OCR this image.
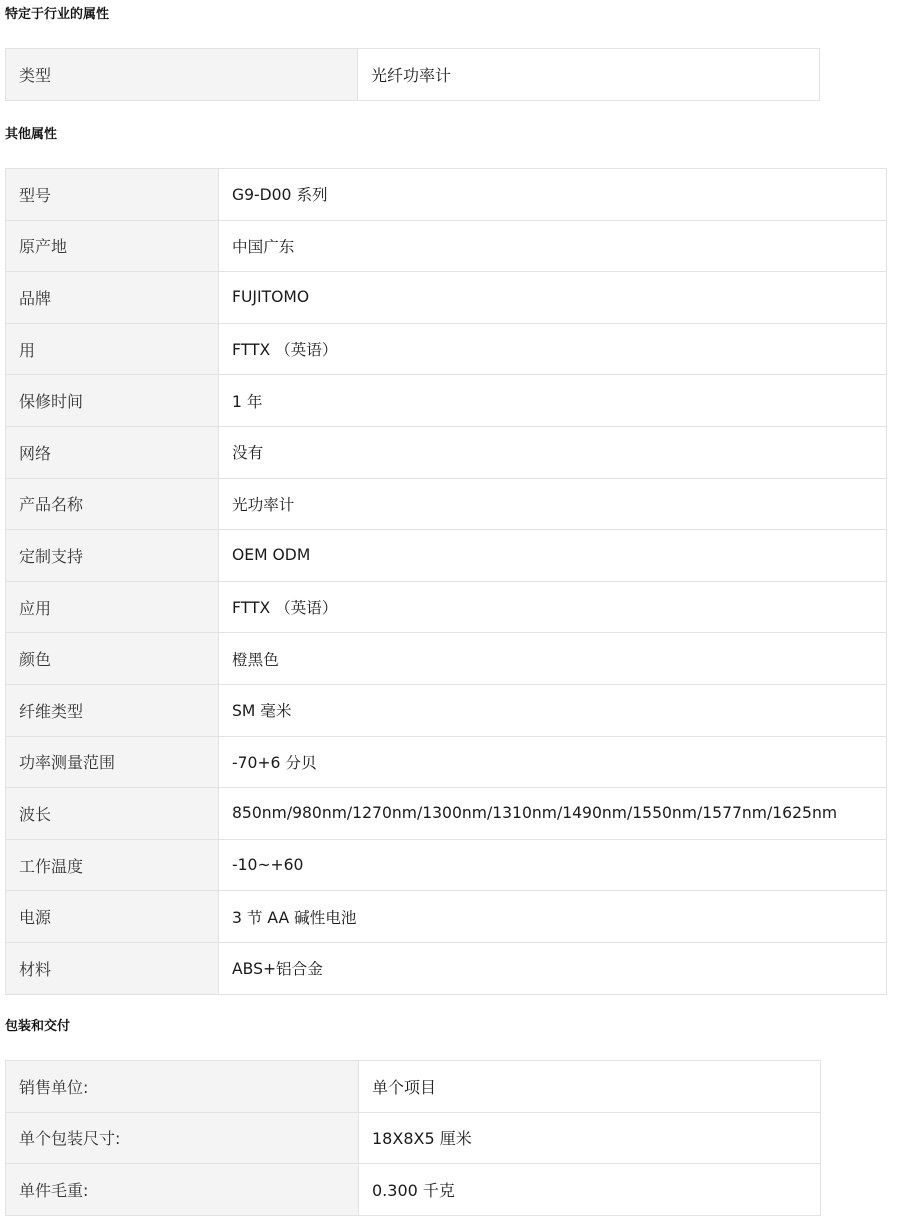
特定于行业的属性
类型	光纤功率计
其他属性
型号	G9-D00 系列
原产地	中国广东
品牌	FUJITOMO
用	FTTX （英语）
保修时间	1 年
网络	没有
产品名称	光功率计
定制支持	OEM ODM
应用	FTTX （英语）
颜色	橙黑色
纤维类型	SM 毫米
功率测量范围	-70+6 分贝
波长	850nm/980nm/1270nm/1300nm/1310nm/1490nm/1550nm/1577nm/1625nm
工作温度	-10~+60
电源	3 节 AA 碱性电池
材料	ABS+铝合金
包装和交付
销售单位:	单个项目
单个包装尺寸:	18X8X5 厘米
单件毛重:	0.300 千克
